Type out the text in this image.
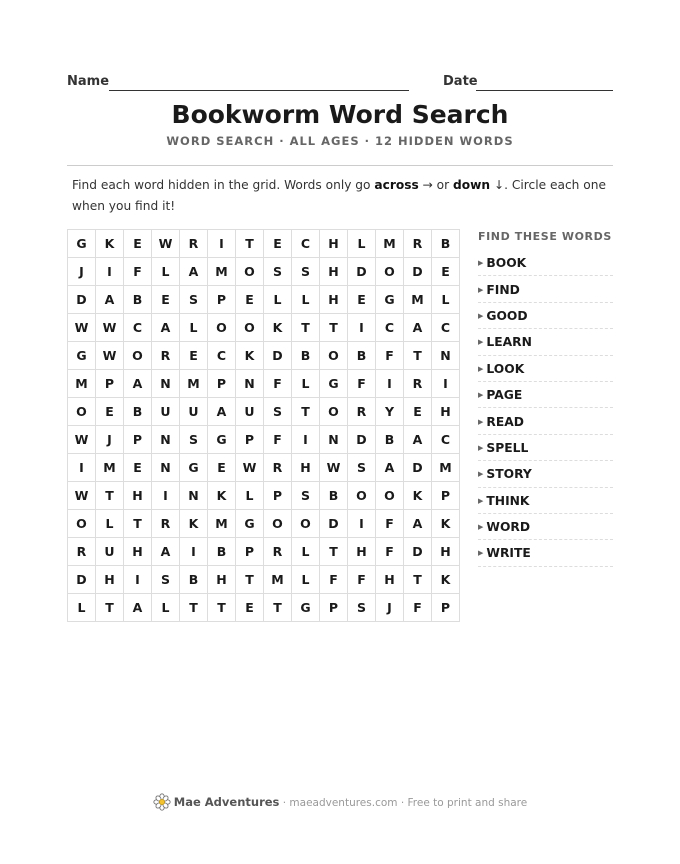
Name	Date
Bookworm Word Search
WORD SEARCH · ALL AGES · 12 HIDDEN WORDS
Find each word hidden in the grid. Words only go across → or down ↓. Circle each one when you find it!
G	K	E	W	R	I	T	E	C	H	L	M	R	B
J	I	F	L	A	M	O	S	S	H	D	O	D	E
D	A	B	E	S	P	E	L	L	H	E	G	M	L
W	W	C	A	L	O	O	K	T	T	I	C	A	C
G	W	O	R	E	C	K	D	B	O	B	F	T	N
M	P	A	N	M	P	N	F	L	G	F	I	R	I
O	E	B	U	U	A	U	S	T	O	R	Y	E	H
W	J	P	N	S	G	P	F	I	N	D	B	A	C
I	M	E	N	G	E	W	R	H	W	S	A	D	M
W	T	H	I	N	K	L	P	S	B	O	O	K	P
O	L	T	R	K	M	G	O	O	D	I	F	A	K
R	U	H	A	I	B	P	R	L	T	H	F	D	H
D	H	I	S	B	H	T	M	L	F	F	H	T	K
L	T	A	L	T	T	E	T	G	P	S	J	F	P
FIND THESE WORDS
▶ BOOK
▶ FIND
▶ GOOD
▶ LEARN
▶ LOOK
▶ PAGE
▶ READ
▶ SPELL
▶ STORY
▶ THINK
▶ WORD
▶ WRITE
Mae Adventures · maeadventures.com · Free to print and share
